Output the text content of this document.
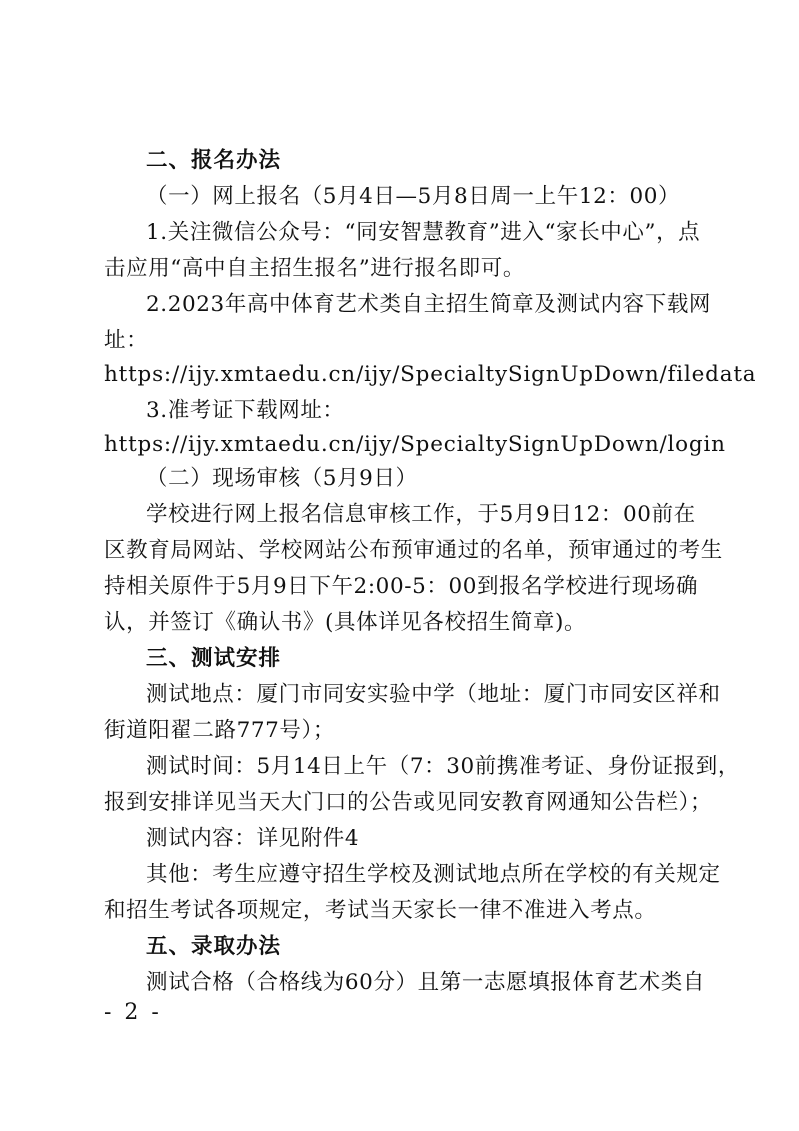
二、报名办法
（一）网上报名（5月4日—5月8日周一上午12：00）
1.关注微信公众号：“同安智慧教育”进入“家长中心”，点
击应用“高中自主招生报名”进行报名即可。
2.2023年高中体育艺术类自主招生简章及测试内容下载网
址：
https://ijy.xmtaedu.cn/ijy/SpecialtySignUpDown/filedata
3.准考证下载网址：
https://ijy.xmtaedu.cn/ijy/SpecialtySignUpDown/login
（二）现场审核（5月9日）
学校进行网上报名信息审核工作，于5月9日12：00前在
区教育局网站、学校网站公布预审通过的名单，预审通过的考生
持相关原件于5月9日下午2:00-5：00到报名学校进行现场确
认，并签订《确认书》(具体详见各校招生简章)。
三、测试安排
测试地点：厦门市同安实验中学（地址：厦门市同安区祥和
街道阳翟二路777号）；
测试时间：5月14日上午（7：30前携准考证、身份证报到，
报到安排详见当天大门口的公告或见同安教育网通知公告栏）；
测试内容：详见附件4
其他：考生应遵守招生学校及测试地点所在学校的有关规定
和招生考试各项规定，考试当天家长一律不准进入考点。
五、录取办法
测试合格（合格线为60分）且第一志愿填报体育艺术类自
- 2 -
